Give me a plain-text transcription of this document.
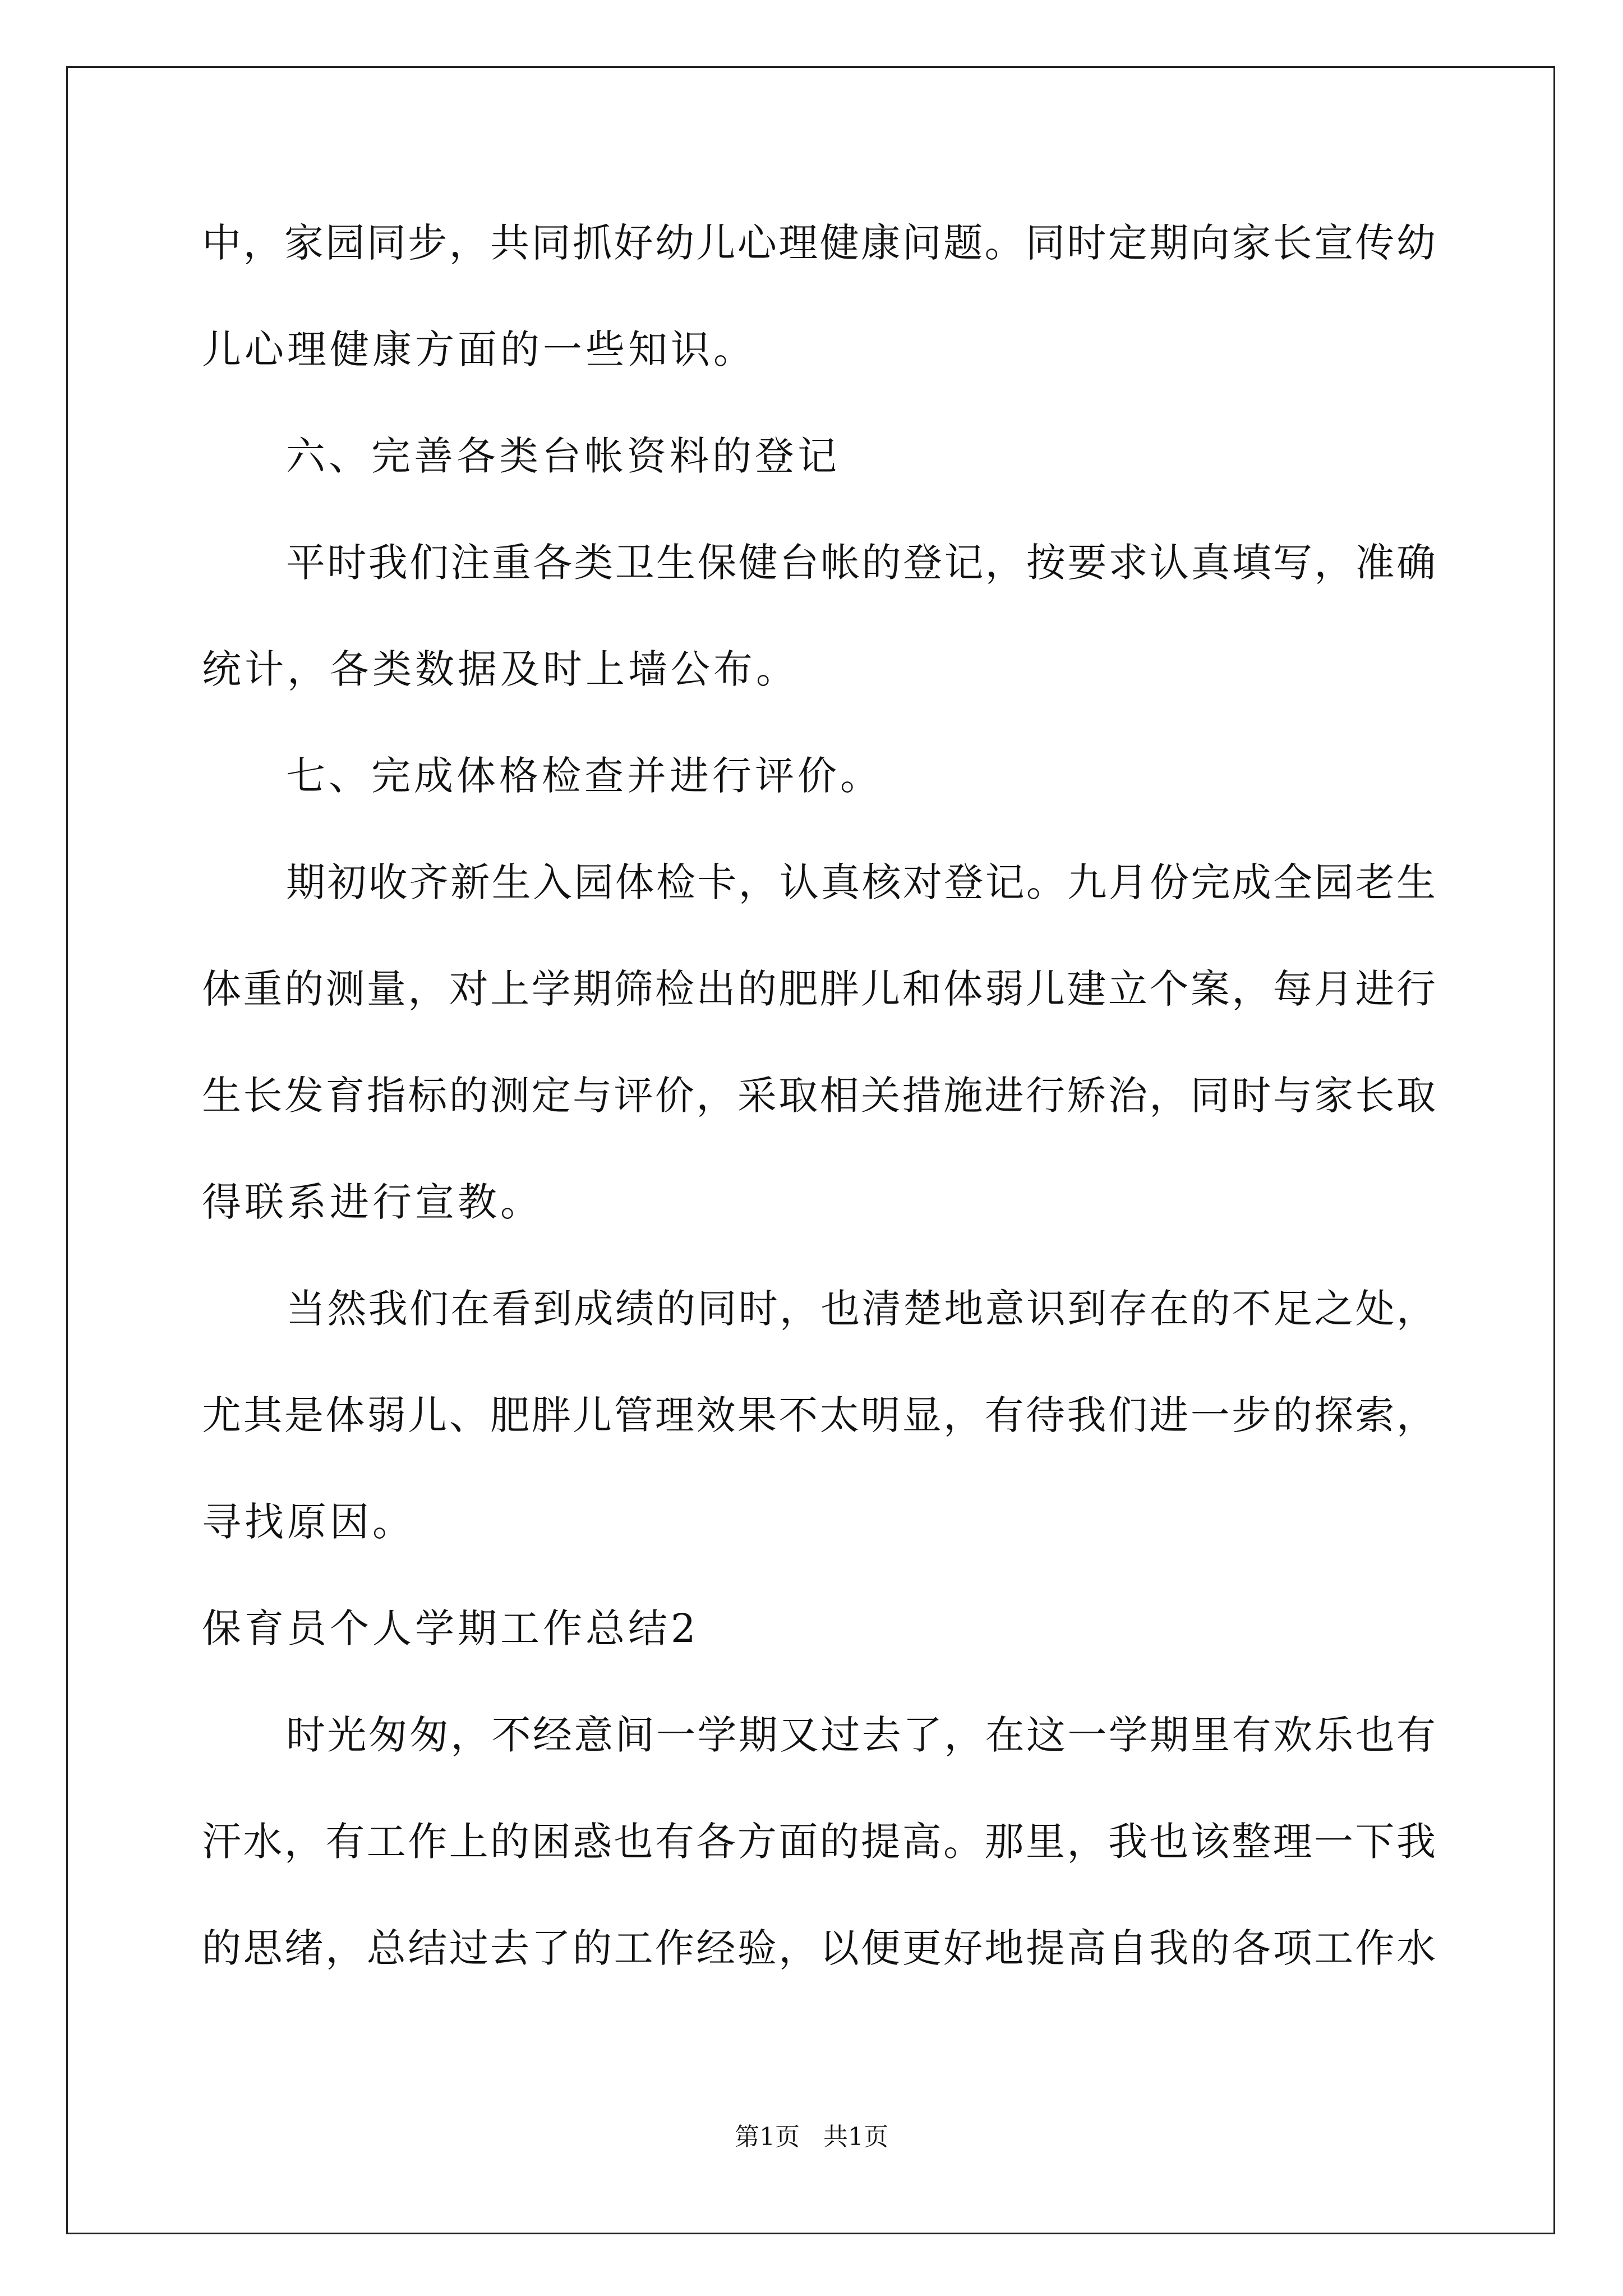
中，家园同步，共同抓好幼儿心理健康问题。同时定期向家长宣传幼
儿心理健康方面的一些知识。
六、完善各类台帐资料的登记
平时我们注重各类卫生保健台帐的登记，按要求认真填写，准确
统计，各类数据及时上墙公布。
七、完成体格检查并进行评价。
期初收齐新生入园体检卡，认真核对登记。九月份完成全园老生
体重的测量，对上学期筛检出的肥胖儿和体弱儿建立个案，每月进行
生长发育指标的测定与评价，采取相关措施进行矫治，同时与家长取
得联系进行宣教。
当然我们在看到成绩的同时，也清楚地意识到存在的不足之处，
尤其是体弱儿、肥胖儿管理效果不太明显，有待我们进一步的探索，
寻找原因。
保育员个人学期工作总结2
时光匆匆，不经意间一学期又过去了，在这一学期里有欢乐也有
汗水，有工作上的困惑也有各方面的提高。那里，我也该整理一下我
的思绪，总结过去了的工作经验，以便更好地提高自我的各项工作水
第1页   共1页
